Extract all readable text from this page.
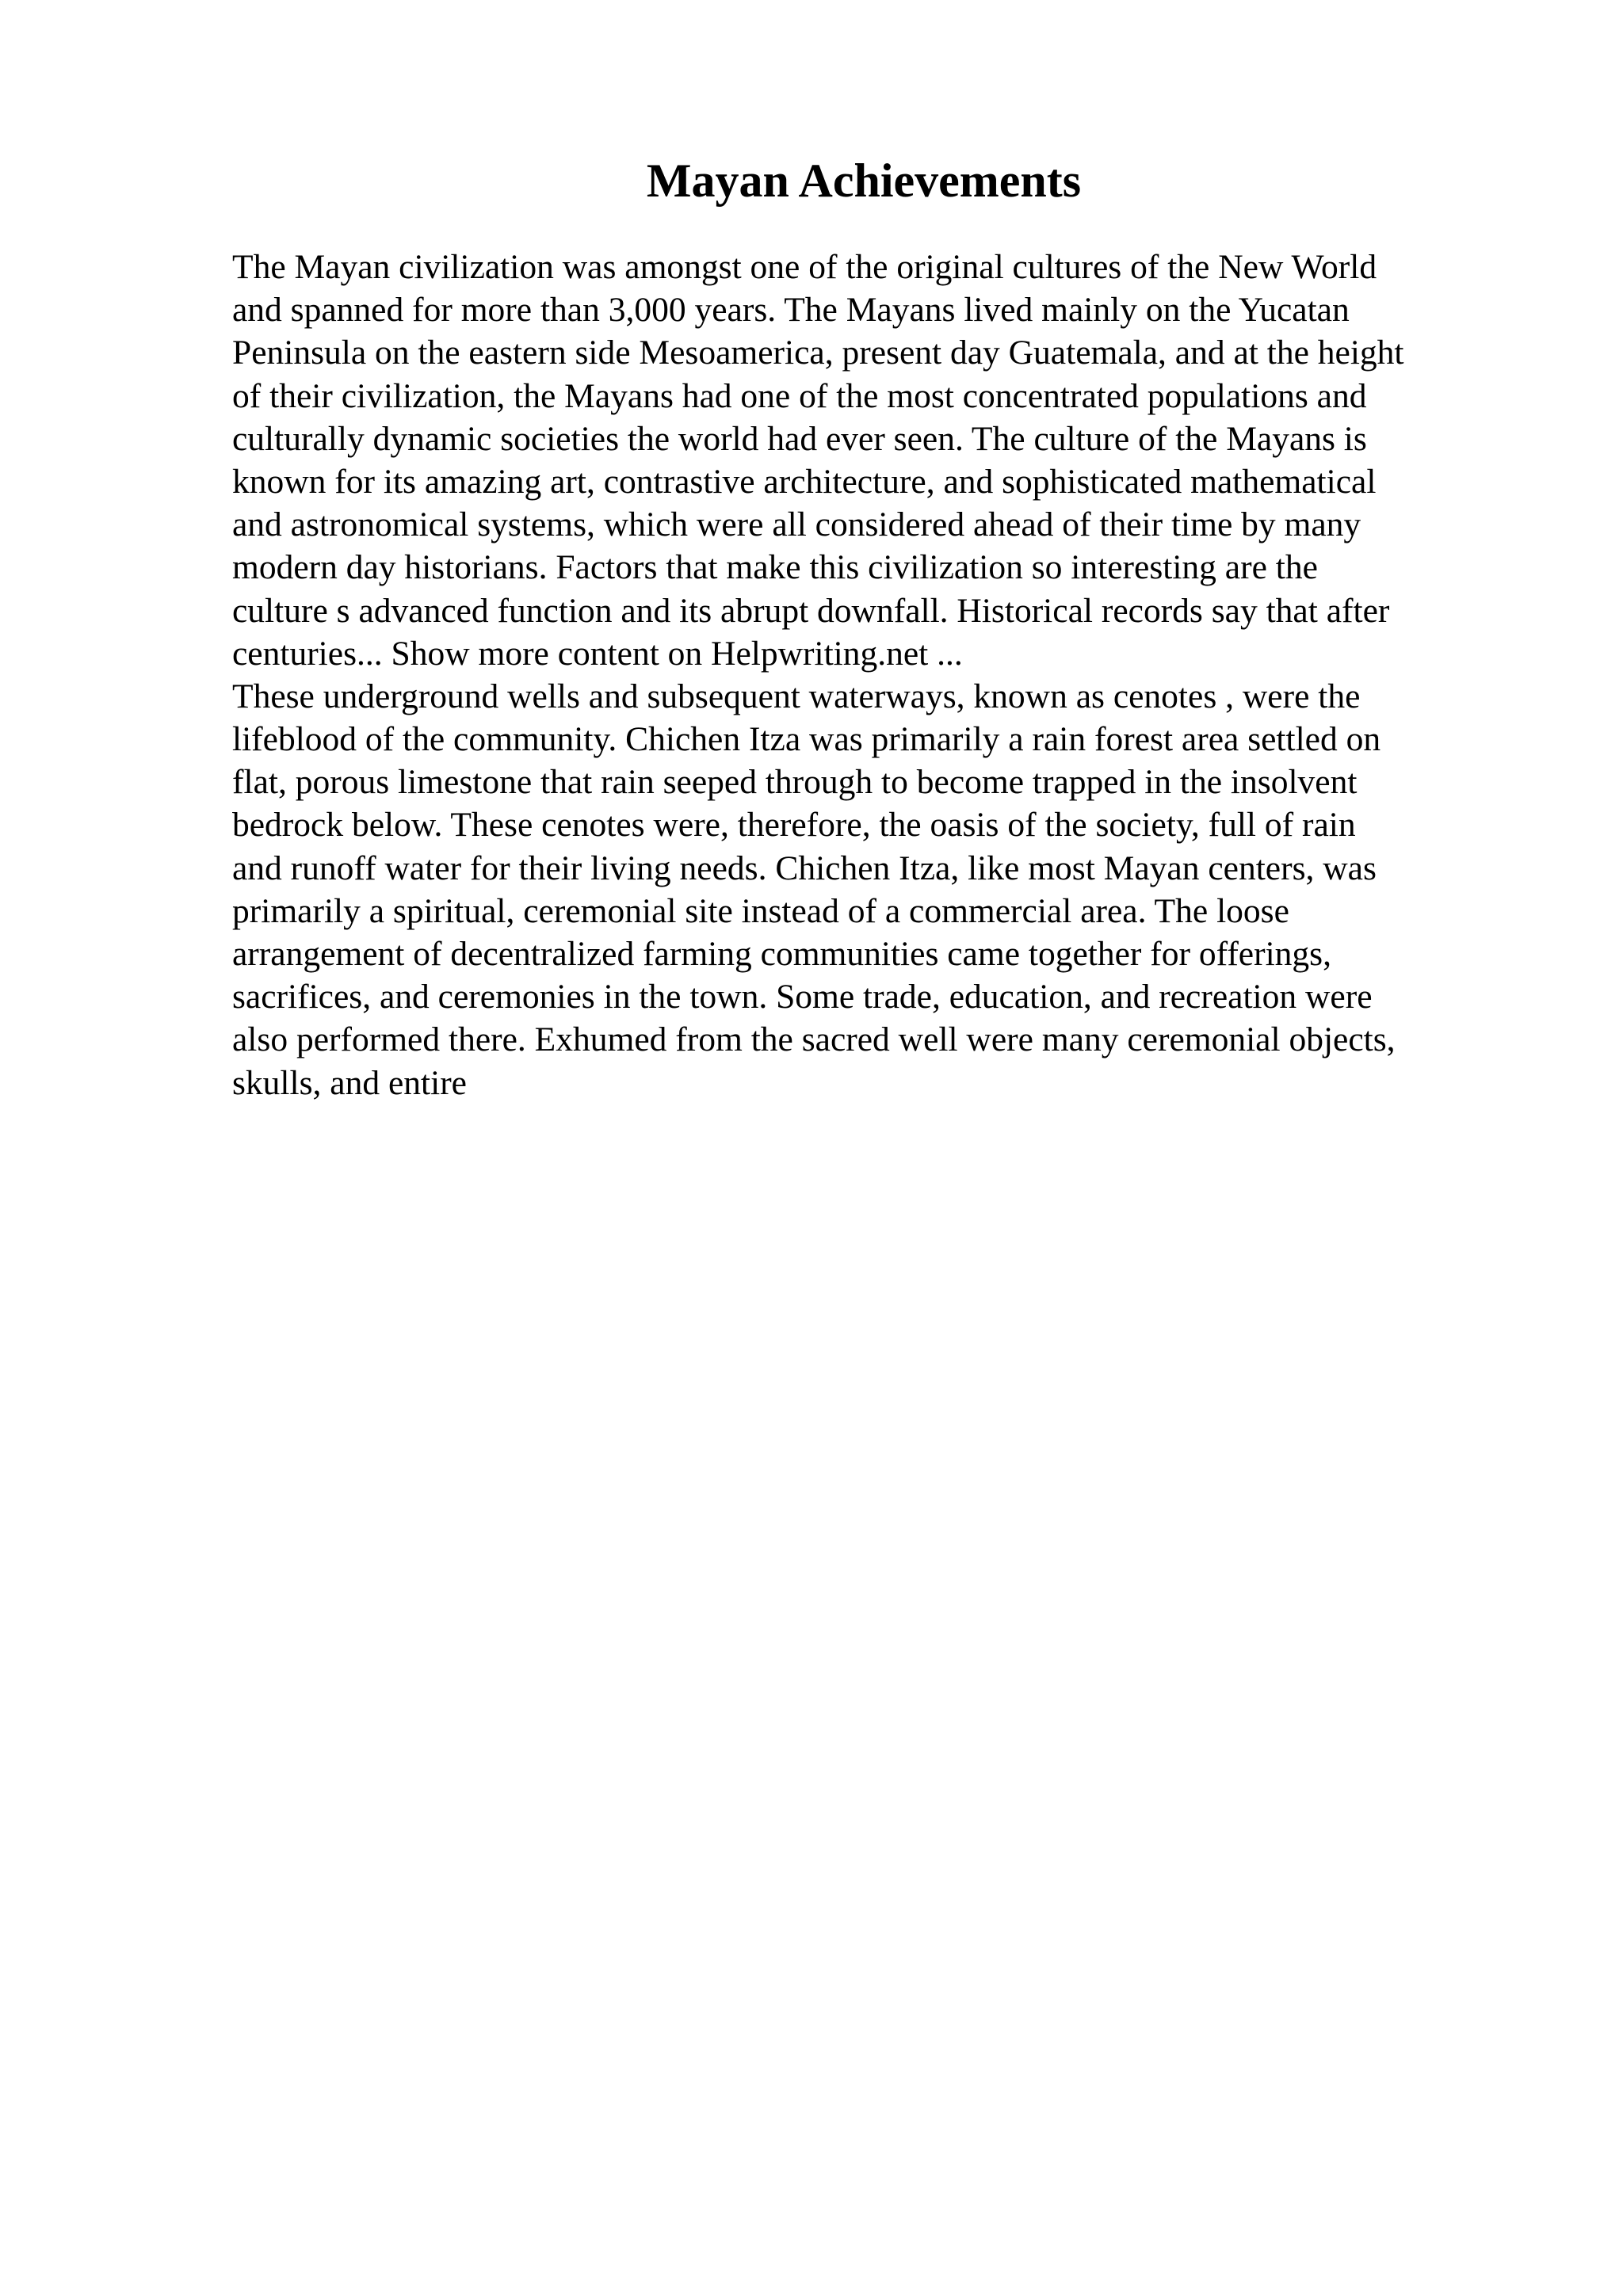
Mayan Achievements
The Mayan civilization was amongst one of the original cultures of the New World
and spanned for more than 3,000 years. The Mayans lived mainly on the Yucatan
Peninsula on the eastern side Mesoamerica, present day Guatemala, and at the height
of their civilization, the Mayans had one of the most concentrated populations and
culturally dynamic societies the world had ever seen. The culture of the Mayans is
known for its amazing art, contrastive architecture, and sophisticated mathematical
and astronomical systems, which were all considered ahead of their time by many
modern day historians. Factors that make this civilization so interesting are the
culture s advanced function and its abrupt downfall. Historical records say that after
centuries... Show more content on Helpwriting.net ...
These underground wells and subsequent waterways, known as cenotes , were the
lifeblood of the community. Chichen Itza was primarily a rain forest area settled on
flat, porous limestone that rain seeped through to become trapped in the insolvent
bedrock below. These cenotes were, therefore, the oasis of the society, full of rain
and runoff water for their living needs. Chichen Itza, like most Mayan centers, was
primarily a spiritual, ceremonial site instead of a commercial area. The loose
arrangement of decentralized farming communities came together for offerings,
sacrifices, and ceremonies in the town. Some trade, education, and recreation were
also performed there. Exhumed from the sacred well were many ceremonial objects,
skulls, and entire
